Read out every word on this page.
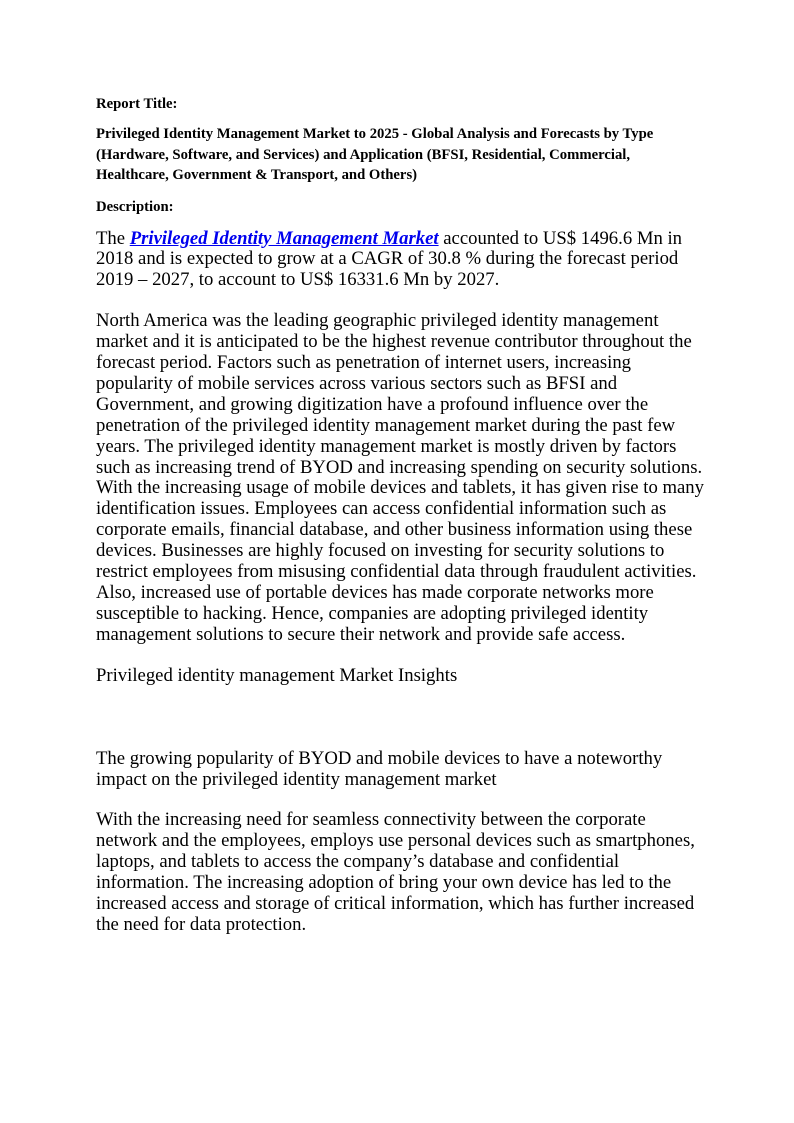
Report Title:

Privileged Identity Management Market to 2025 - Global Analysis and Forecasts by Type (Hardware, Software, and Services) and Application (BFSI, Residential, Commercial, Healthcare, Government & Transport, and Others)

Description:

The Privileged Identity Management Market accounted to US$ 1496.6 Mn in 2018 and is expected to grow at a CAGR of 30.8 % during the forecast period 2019 – 2027, to account to US$ 16331.6 Mn by 2027.

North America was the leading geographic privileged identity management market and it is anticipated to be the highest revenue contributor throughout the forecast period. Factors such as penetration of internet users, increasing popularity of mobile services across various sectors such as BFSI and Government, and growing digitization have a profound influence over the penetration of the privileged identity management market during the past few years. The privileged identity management market is mostly driven by factors such as increasing trend of BYOD and increasing spending on security solutions. With the increasing usage of mobile devices and tablets, it has given rise to many identification issues. Employees can access confidential information such as corporate emails, financial database, and other business information using these devices. Businesses are highly focused on investing for security solutions to restrict employees from misusing confidential data through fraudulent activities. Also, increased use of portable devices has made corporate networks more susceptible to hacking. Hence, companies are adopting privileged identity management solutions to secure their network and provide safe access.

Privileged identity management Market Insights

The growing popularity of BYOD and mobile devices to have a noteworthy impact on the privileged identity management market

With the increasing need for seamless connectivity between the corporate network and the employees, employs use personal devices such as smartphones, laptops, and tablets to access the company’s database and confidential information. The increasing adoption of bring your own device has led to the increased access and storage of critical information, which has further increased the need for data protection.
